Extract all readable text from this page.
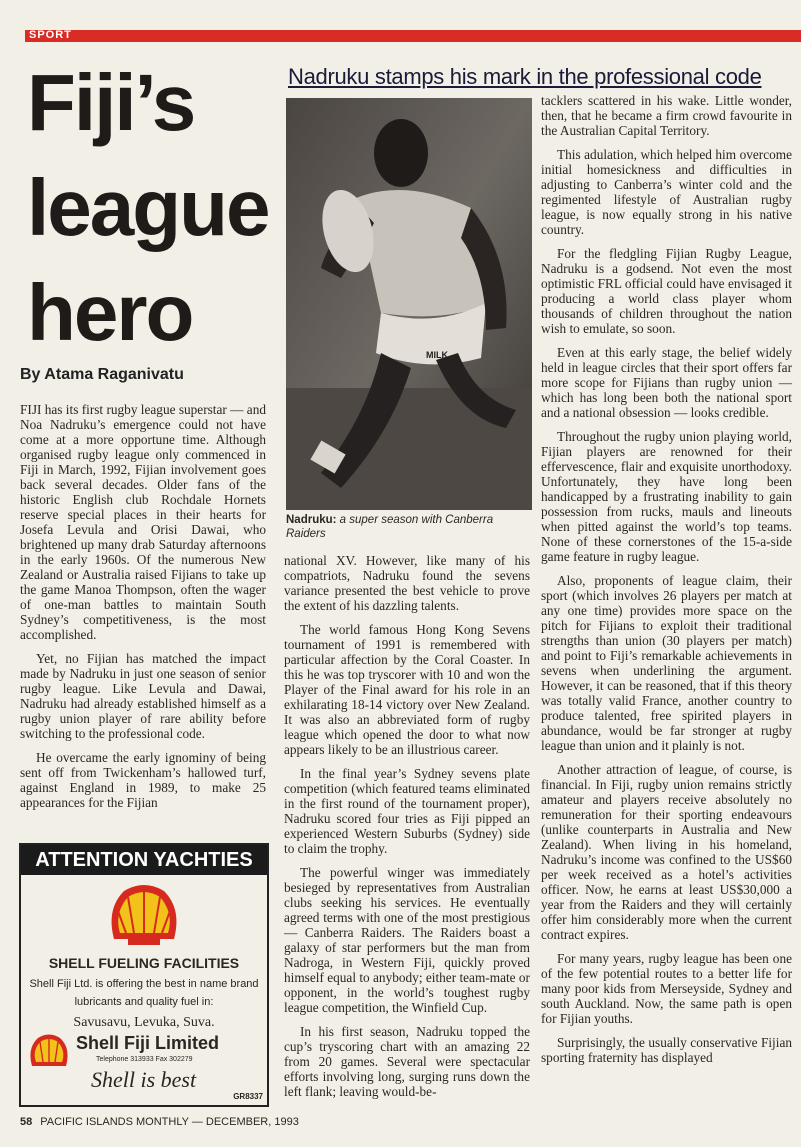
SPORT
Fiji’s
league
hero
By Atama Raganivatu
Nadruku stamps his mark in the professional code
MILK
Nadruku: a super season with Canberra Raiders

FIJI has its first rugby league superstar — and Noa Nadruku’s emergence could not have come at a more opportune time. Although organised rugby league only commenced in Fiji in March, 1992, Fijian involvement goes back several decades. Older fans of the historic English club Rochdale Hornets reserve special places in their hearts for Josefa Levula and Orisi Dawai, who brightened up many drab Saturday afternoons in the early 1960s. Of the numerous New Zealand or Australia raised Fijians to take up the game Manoa Thompson, often the wager of one-man battles to maintain South Sydney’s competitiveness, is the most accomplished.

Yet, no Fijian has matched the impact made by Nadruku in just one season of senior rugby league. Like Levula and Dawai, Nadruku had already established himself as a rugby union player of rare ability before switching to the professional code.

He overcame the early ignominy of being sent off from Twickenham’s hallowed turf, against England in 1989, to make 25 appearances for the Fijian

national XV. However, like many of his compatriots, Nadruku found the sevens variance presented the best vehicle to prove the extent of his dazzling talents.

The world famous Hong Kong Sevens tournament of 1991 is remembered with particular affection by the Coral Coaster. In this he was top tryscorer with 10 and won the Player of the Final award for his role in an exhilarating 18-14 victory over New Zealand. It was also an abbreviated form of rugby league which opened the door to what now appears likely to be an illustrious career.

In the final year’s Sydney sevens plate competition (which featured teams eliminated in the first round of the tournament proper), Nadruku scored four tries as Fiji pipped an experienced Western Suburbs (Sydney) side to claim the trophy.

The powerful winger was immediately besieged by representatives from Australian clubs seeking his services. He eventually agreed terms with one of the most prestigious — Canberra Raiders. The Raiders boast a galaxy of star performers but the man from Nadroga, in Western Fiji, quickly proved himself equal to anybody; either team-mate or opponent, in the world’s toughest rugby league competition, the Winfield Cup.

In his first season, Nadruku topped the cup’s tryscoring chart with an amazing 22 from 20 games. Several were spectacular efforts involving long, surging runs down the left flank; leaving would-be-

tacklers scattered in his wake. Little wonder, then, that he became a firm crowd favourite in the Australian Capital Territory.

This adulation, which helped him overcome initial homesickness and difficulties in adjusting to Canberra’s winter cold and the regimented lifestyle of Australian rugby league, is now equally strong in his native country.

For the fledgling Fijian Rugby League, Nadruku is a godsend. Not even the most optimistic FRL official could have envisaged it producing a world class player whom thousands of children throughout the nation wish to emulate, so soon.

Even at this early stage, the belief widely held in league circles that their sport offers far more scope for Fijians than rugby union — which has long been both the national sport and a national obsession — looks credible.

Throughout the rugby union playing world, Fijian players are renowned for their effervescence, flair and exquisite unorthodoxy. Unfortunately, they have long been handicapped by a frustrating inability to gain possession from rucks, mauls and lineouts when pitted against the world’s top teams. None of these cornerstones of the 15-a-side game feature in rugby league.

Also, proponents of league claim, their sport (which involves 26 players per match at any one time) provides more space on the pitch for Fijians to exploit their traditional strengths than union (30 players per match) and point to Fiji’s remarkable achievements in sevens when underlining the argument. However, it can be reasoned, that if this theory was totally valid France, another country to produce talented, free spirited players in abundance, would be far stronger at rugby league than union and it plainly is not.

Another attraction of league, of course, is financial. In Fiji, rugby union remains strictly amateur and players receive absolutely no remuneration for their sporting endeavours (unlike counterparts in Australia and New Zealand). When living in his homeland, Nadruku’s income was confined to the US$60 per week received as a hotel’s activities officer. Now, he earns at least US$30,000 a year from the Raiders and they will certainly offer him considerably more when the current contract expires.

For many years, rugby league has been one of the few potential routes to a better life for many poor kids from Merseyside, Sydney and south Auckland. Now, the same path is open for Fijian youths.

Surprisingly, the usually conservative Fijian sporting fraternity has displayed

ATTENTION YACHTIES
SHELL FUELING FACILITIES
Shell Fiji Ltd. is offering the best in name brand lubricants and quality fuel in:
Savusavu, Levuka, Suva.
Shell Fiji Limited
Telephone 313933 Fax 302279
Shell is best
GR8337
58 PACIFIC ISLANDS MONTHLY — DECEMBER, 1993
